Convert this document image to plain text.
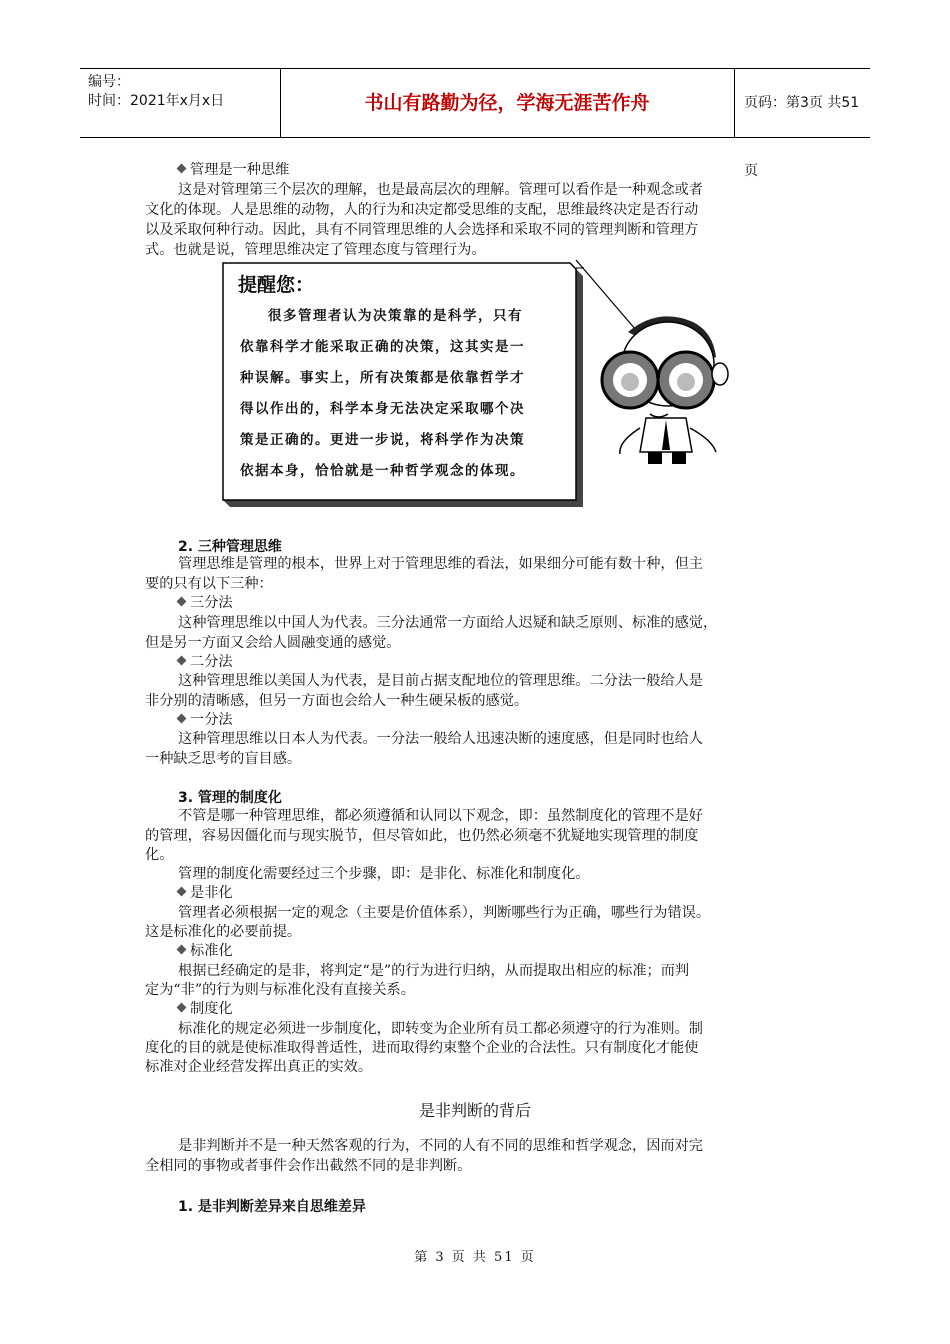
编号：
时间：2021年x月x日	书山有路勤为径，学海无涯苦作舟	页码：第3页 共51页
管理是一种思维
这是对管理第三个层次的理解，也是最高层次的理解。管理可以看作是一种观念或者
文化的体现。人是思维的动物，人的行为和决定都受思维的支配，思维最终决定是否行动
以及采取何种行动。因此，具有不同管理思维的人会选择和采取不同的管理判断和管理方
式。也就是说，管理思维决定了管理态度与管理行为。
提醒您：
很多管理者认为决策靠的是科学，只有
依靠科学才能采取正确的决策，这其实是一
种误解。事实上，所有决策都是依靠哲学才
得以作出的，科学本身无法决定采取哪个决
策是正确的。更进一步说，将科学作为决策
依据本身，恰恰就是一种哲学观念的体现。
2. 三种管理思维
管理思维是管理的根本，世界上对于管理思维的看法，如果细分可能有数十种，但主
要的只有以下三种：
三分法
这种管理思维以中国人为代表。三分法通常一方面给人迟疑和缺乏原则、标准的感觉，
但是另一方面又会给人圆融变通的感觉。
二分法
这种管理思维以美国人为代表，是目前占据支配地位的管理思维。二分法一般给人是
非分别的清晰感，但另一方面也会给人一种生硬呆板的感觉。
一分法
这种管理思维以日本人为代表。一分法一般给人迅速决断的速度感，但是同时也给人
一种缺乏思考的盲目感。
3. 管理的制度化
不管是哪一种管理思维，都必须遵循和认同以下观念，即：虽然制度化的管理不是好
的管理，容易因僵化而与现实脱节，但尽管如此，也仍然必须毫不犹疑地实现管理的制度
化。
管理的制度化需要经过三个步骤，即：是非化、标准化和制度化。
是非化
管理者必须根据一定的观念（主要是价值体系），判断哪些行为正确，哪些行为错误。
这是标准化的必要前提。
标准化
根据已经确定的是非，将判定“是”的行为进行归纳，从而提取出相应的标准；而判
定为“非”的行为则与标准化没有直接关系。
制度化
标准化的规定必须进一步制度化，即转变为企业所有员工都必须遵守的行为准则。制
度化的目的就是使标准取得普适性，进而取得约束整个企业的合法性。只有制度化才能使
标准对企业经营发挥出真正的实效。
是非判断的背后
是非判断并不是一种天然客观的行为，不同的人有不同的思维和哲学观念，因而对完
全相同的事物或者事件会作出截然不同的是非判断。
1. 是非判断差异来自思维差异
第 3 页 共 51 页
